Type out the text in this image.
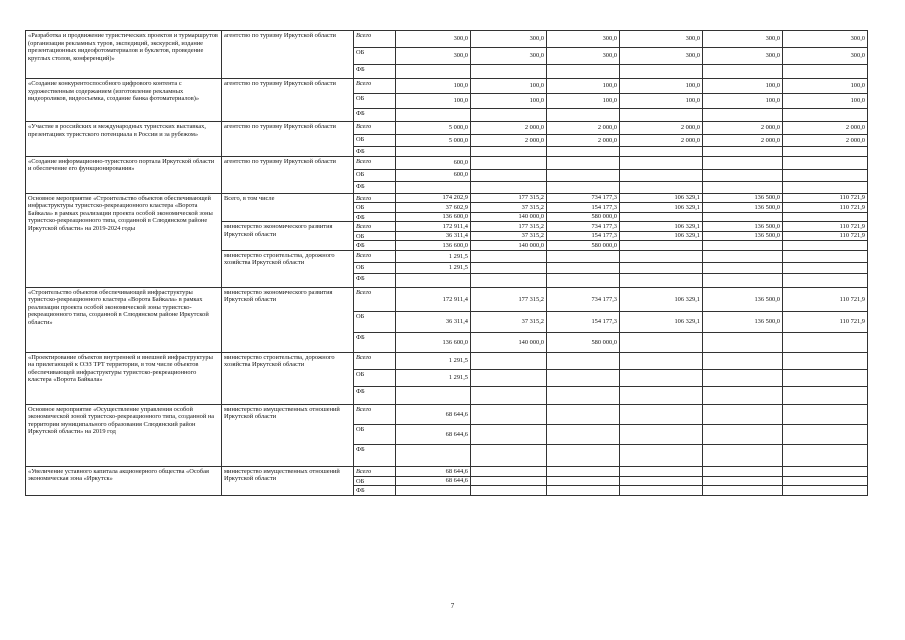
«Разработка и продвижение туристических проектов и турмаршрутов (организация рекламных туров, экспедиций, экскурсий, издание презентационных видеофотоматериалов и буклетов, проведение круглых столов, конференций)»	агентство по туризму Иркутской области	Всего	300,0	300,0	300,0	300,0	300,0	300,0
		ОБ	300,0	300,0	300,0	300,0	300,0	300,0
		ФБ						
«Создание конкурентоспособного цифрового контента с художественным содержанием (изготовление рекламных видеороликов, видеосъемка, создание банка фотоматериалов)»	агентство по туризму Иркутской области	Всего	100,0	100,0	100,0	100,0	100,0	100,0
		ОБ	100,0	100,0	100,0	100,0	100,0	100,0
		ФБ						
«Участие в российских и международных туристских выставках, презентациях туристского потенциала в России и за рубежом»	агентство по туризму Иркутской области	Всего	5 000,0	2 000,0	2 000,0	2 000,0	2 000,0	2 000,0
		ОБ	5 000,0	2 000,0	2 000,0	2 000,0	2 000,0	2 000,0
		ФБ						
«Создание информационно-туристского портала Иркутской области и обеспечение его функционирования»	агентство по туризму Иркутской области	Всего	600,0					
		ОБ	600,0					
		ФБ						
Основное мероприятие «Строительство объектов обеспечивающей инфраструктуры туристско-рекреационного кластера «Ворота Байкала» в рамках реализации проекта особой экономической зоны туристско-рекреационного типа, созданной в Слюдянском районе Иркутской области» на 2019-2024 годы	Всего, в том числе	Всего	174 202,9	177 315,2	734 177,3	106 329,1	136 500,0	110 721,9
		ОБ	37 602,9	37 315,2	154 177,3	106 329,1	136 500,0	110 721,9
		ФБ	136 600,0	140 000,0	580 000,0			
	министерство экономического развития Иркутской области	Всего	172 911,4	177 315,2	734 177,3	106 329,1	136 500,0	110 721,9
		ОБ	36 311,4	37 315,2	154 177,3	106 329,1	136 500,0	110 721,9
		ФБ	136 600,0	140 000,0	580 000,0			
	министерство строительства, дорожного хозяйства Иркутской области	Всего	1 291,5					
		ОБ	1 291,5					
		ФБ						
«Строительство объектов обеспечивающей инфраструктуры туристско-рекреационного кластера «Ворота Байкала» в рамках реализации проекта особой экономической зоны туристско-рекреационного типа, созданной в Слюдянском районе Иркутской области»	министерство экономического развития Иркутской области	Всего	172 911,4	177 315,2	734 177,3	106 329,1	136 500,0	110 721,9
		ОБ	36 311,4	37 315,2	154 177,3	106 329,1	136 500,0	110 721,9
		ФБ	136 600,0	140 000,0	580 000,0			
«Проектирование объектов внутренней и внешней инфраструктуры на прилегающей к ОЭЗ ТРТ территории, в том числе объектов обеспечивающей инфраструктуры туристско-рекреационного кластера «Ворота Байкала»	министерство строительства, дорожного хозяйства Иркутской области	Всего	1 291,5					
		ОБ	1 291,5					
		ФБ						
Основное мероприятие «Осуществление управления особой экономической зоной туристско-рекреационного типа, созданной на территории муниципального образования Слюдянский район Иркутской области» на 2019 год	министерство имущественных отношений Иркутской области	Всего	68 644,6					
		ОБ	68 644,6					
		ФБ						
«Увеличение уставного капитала акционерного общества «Особая экономическая зона «Иркутск»	министерство имущественных отношений Иркутской области	Всего	68 644,6					
		ОБ	68 644,6					
		ФБ						
7
